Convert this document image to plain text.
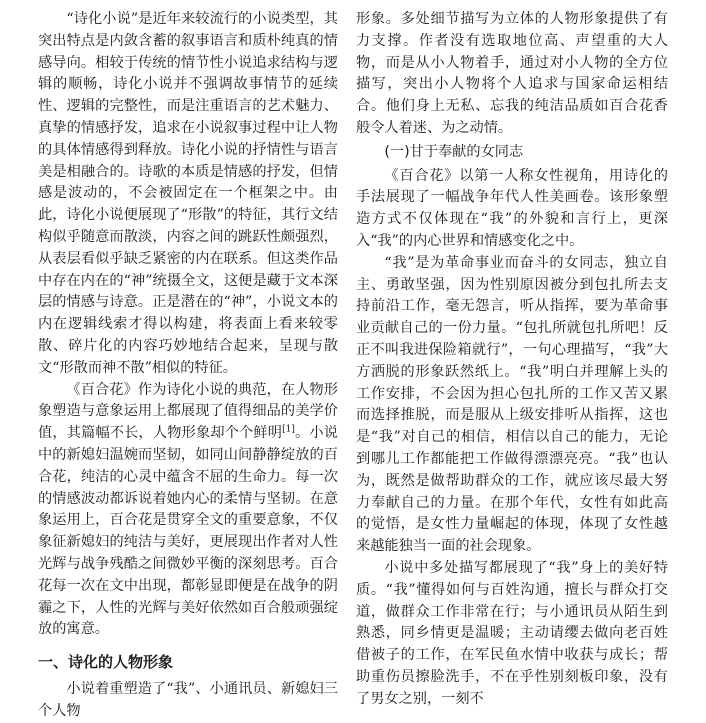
“诗化小说”是近年来较流行的小说类型，其突出特点是内敛含蓄的叙事语言和质朴纯真的情感导向。相较于传统的情节性小说追求结构与逻辑的顺畅，诗化小说并不强调故事情节的延续性、逻辑的完整性，而是注重语言的艺术魅力、真挚的情感抒发，追求在小说叙事过程中让人物的具体情感得到释放。诗化小说的抒情性与语言美是相融合的。诗歌的本质是情感的抒发，但情感是波动的，不会被固定在一个框架之中。由此，诗化小说便展现了“形散”的特征，其行文结构似乎随意而散淡，内容之间的跳跃性颇强烈，从表层看似乎缺乏紧密的内在联系。但这类作品中存在内在的“神”统摄全文，这便是藏于文本深层的情感与诗意。正是潜在的“神”，小说文本的内在逻辑线索才得以构建，将表面上看来较零散、碎片化的内容巧妙地结合起来，呈现与散文“形散而神不散”相似的特征。

《百合花》作为诗化小说的典范，在人物形象塑造与意象运用上都展现了值得细品的美学价值，其篇幅不长，人物形象却个个鲜明[1]。小说中的新媳妇温婉而坚韧，如同山间静静绽放的百合花，纯洁的心灵中蕴含不屈的生命力。每一次的情感波动都诉说着她内心的柔情与坚韧。在意象运用上，百合花是贯穿全文的重要意象，不仅象征新媳妇的纯洁与美好，更展现出作者对人性光辉与战争残酷之间微妙平衡的深刻思考。百合花每一次在文中出现，都彰显即便是在战争的阴霾之下，人性的光辉与美好依然如百合般顽强绽放的寓意。

一、诗化的人物形象

小说着重塑造了“我”、小通讯员、新媳妇三个人物

形象。多处细节描写为立体的人物形象提供了有力支撑。作者没有选取地位高、声望重的大人物，而是从小人物着手，通过对小人物的全方位描写，突出小人物将个人追求与国家命运相结合。他们身上无私、忘我的纯洁品质如百合花香般令人着迷、为之动情。

(一)甘于奉献的女同志

《百合花》以第一人称女性视角，用诗化的手法展现了一幅战争年代人性美画卷。该形象塑造方式不仅体现在“我”的外貌和言行上，更深入“我”的内心世界和情感变化之中。

“我”是为革命事业而奋斗的女同志，独立自主、勇敢坚强，因为性别原因被分到包扎所去支持前沿工作，毫无怨言，听从指挥，要为革命事业贡献自己的一份力量。“包扎所就包扎所吧！反正不叫我进保险箱就行”，一句心理描写，“我”大方洒脱的形象跃然纸上。“我”明白并理解上头的工作安排，不会因为担心包扎所的工作又苦又累而选择推脱，而是服从上级安排听从指挥，这也是“我”对自己的相信，相信以自己的能力，无论到哪儿工作都能把工作做得漂漂亮亮。“我”也认为，既然是做帮助群众的工作，就应该尽最大努力奉献自己的力量。在那个年代，女性有如此高的觉悟，是女性力量崛起的体现，体现了女性越来越能独当一面的社会现象。

小说中多处描写都展现了“我”身上的美好特质。“我”懂得如何与百姓沟通，擅长与群众打交道，做群众工作非常在行；与小通讯员从陌生到熟悉，同乡情更是温暖；主动请缨去做向老百姓借被子的工作，在军民鱼水情中收获与成长；帮助重伤员擦脸洗手，不在乎性别刻板印象，没有了男女之别，一刻不
